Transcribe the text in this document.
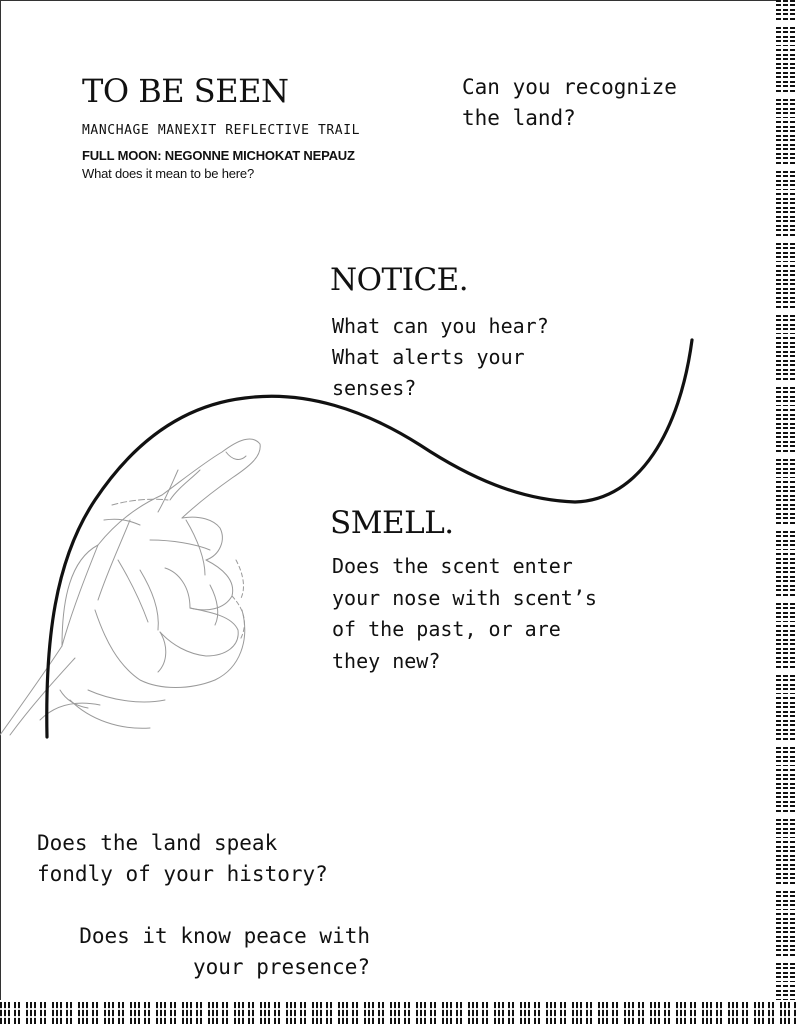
TO BE SEEN

MANCHAGE MANEXIT REFLECTIVE TRAIL

FULL MOON: NEGONNE MICHOKAT NEPAUZ

What does it mean to be here?

Can you recognize
the land?
NOTICE.
What can you hear?
What alerts your
senses?
SMELL.
Does the scent enter
your nose with scent’s
of the past, or are
they new?
Does the land speak
fondly of your history?
Does it know peace with
your presence?
